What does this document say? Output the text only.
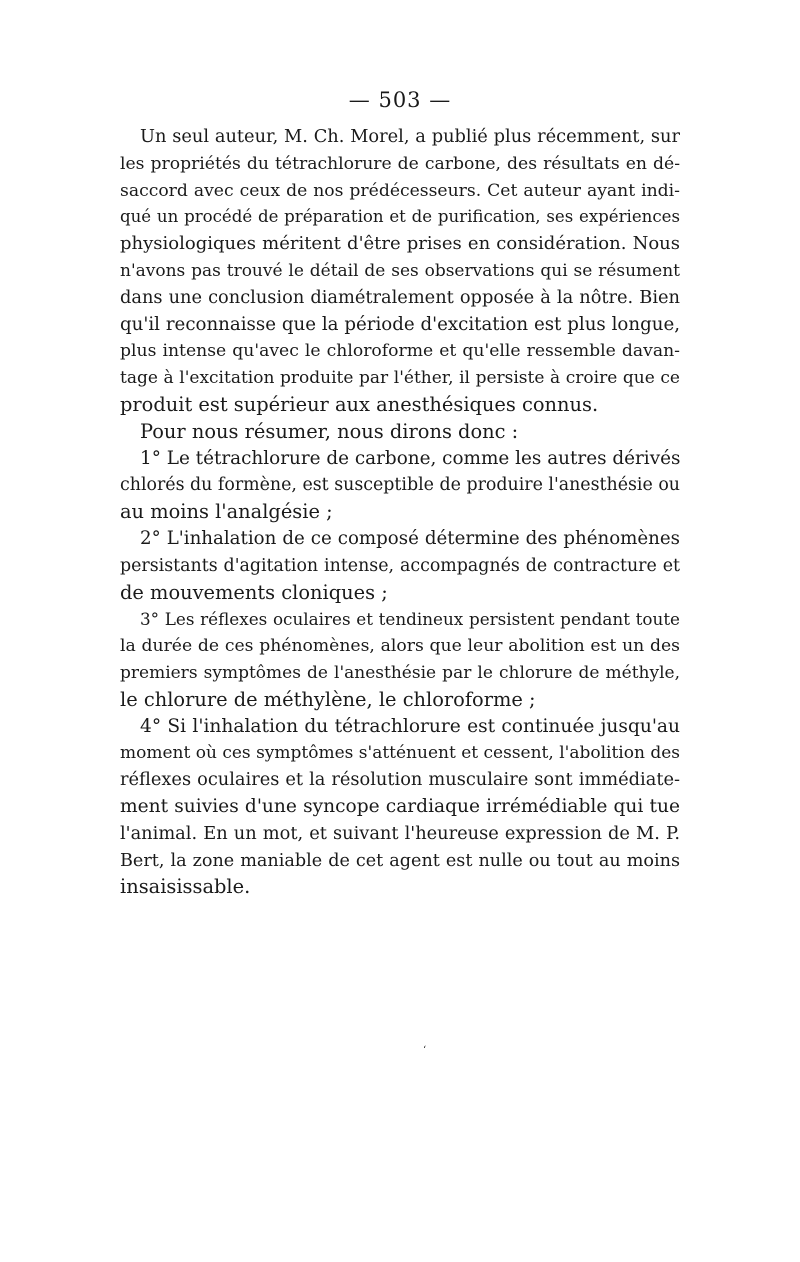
— 503 —
Un seul auteur, M. Ch. Morel, a publié plus récemment, sur
les propriétés du tétrachlorure de carbone, des résultats en dé-
saccord avec ceux de nos prédécesseurs. Cet auteur ayant indi-
qué un procédé de préparation et de purification, ses expériences
physiologiques méritent d'être prises en considération. Nous
n'avons pas trouvé le détail de ses observations qui se résument
dans une conclusion diamétralement opposée à la nôtre. Bien
qu'il reconnaisse que la période d'excitation est plus longue,
plus intense qu'avec le chloroforme et qu'elle ressemble davan-
tage à l'excitation produite par l'éther, il persiste à croire que ce
produit est supérieur aux anesthésiques connus.
Pour nous résumer, nous dirons donc :
1° Le tétrachlorure de carbone, comme les autres dérivés
chlorés du formène, est susceptible de produire l'anesthésie ou
au moins l'analgésie ;
2° L'inhalation de ce composé détermine des phénomènes
persistants d'agitation intense, accompagnés de contracture et
de mouvements cloniques ;
3° Les réflexes oculaires et tendineux persistent pendant toute
la durée de ces phénomènes, alors que leur abolition est un des
premiers symptômes de l'anesthésie par le chlorure de méthyle,
le chlorure de méthylène, le chloroforme ;
4° Si l'inhalation du tétrachlorure est continuée jusqu'au
moment où ces symptômes s'atténuent et cessent, l'abolition des
réflexes oculaires et la résolution musculaire sont immédiate-
ment suivies d'une syncope cardiaque irrémédiable qui tue
l'animal. En un mot, et suivant l'heureuse expression de M. P.
Bert, la zone maniable de cet agent est nulle ou tout au moins
insaisissable.
‘
